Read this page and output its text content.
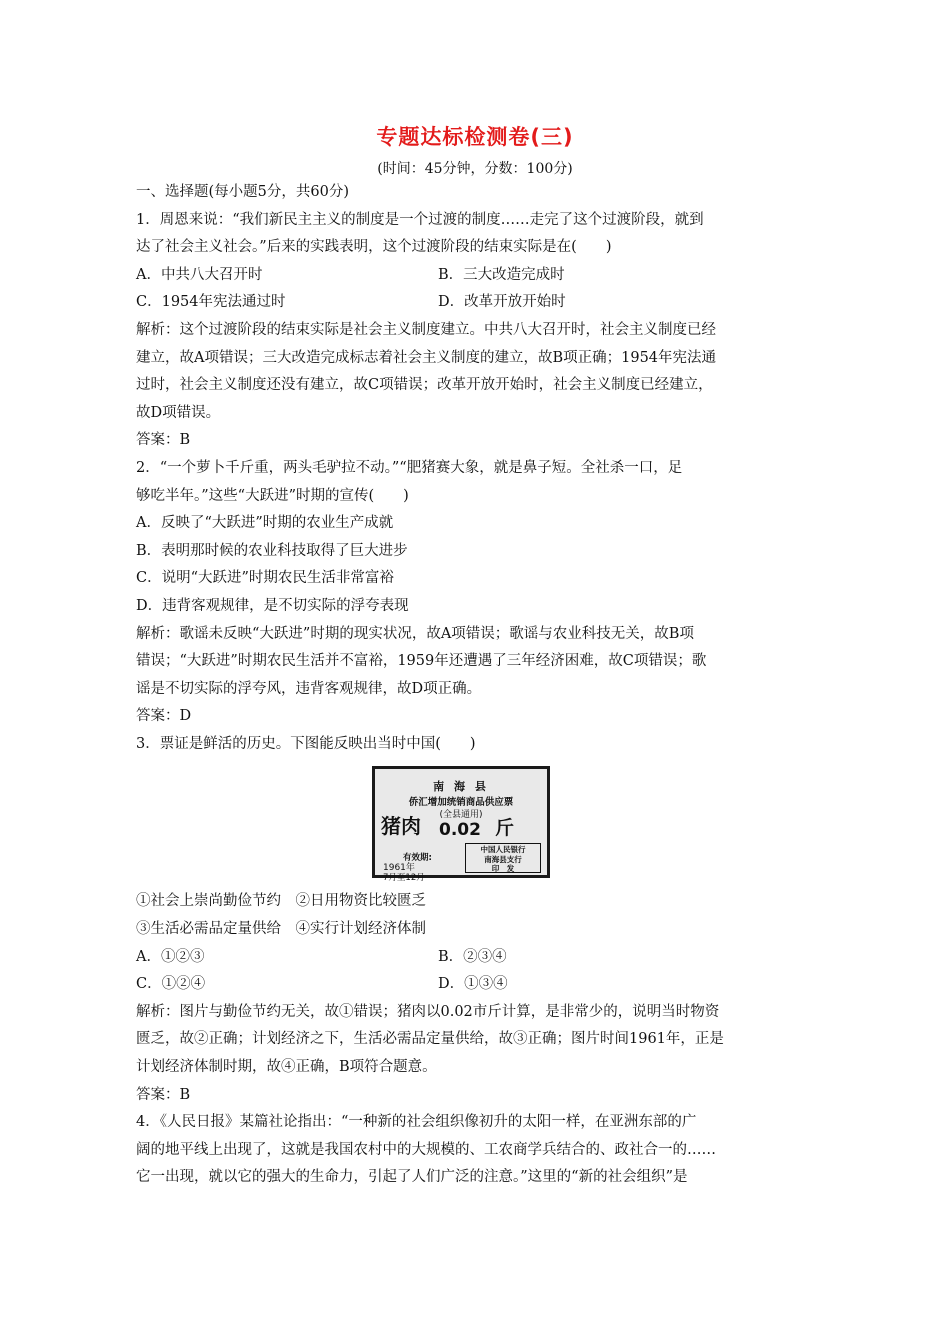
专题达标检测卷(三)
(时间：45分钟，分数：100分)
一、选择题(每小题5分，共60分)
1．周恩来说：“我们新民主主义的制度是一个过渡的制度……走完了这个过渡阶段，就到
达了社会主义社会。”后来的实践表明，这个过渡阶段的结束实际是在(　　)
A．中共八大召开时	B．三大改造完成时
C．1954年宪法通过时	D．改革开放开始时
解析：这个过渡阶段的结束实际是社会主义制度建立。中共八大召开时，社会主义制度已经
建立，故A项错误；三大改造完成标志着社会主义制度的建立，故B项正确；1954年宪法通
过时，社会主义制度还没有建立，故C项错误；改革开放开始时，社会主义制度已经建立，
故D项错误。
答案：B
2．“一个萝卜千斤重，两头毛驴拉不动。”“肥猪赛大象，就是鼻子短。全社杀一口，足
够吃半年。”这些“大跃进”时期的宣传(　　)
A．反映了“大跃进”时期的农业生产成就
B．表明那时候的农业科技取得了巨大进步
C．说明“大跃进”时期农民生活非常富裕
D．违背客观规律，是不切实际的浮夸表现
解析：歌谣未反映“大跃进”时期的现实状况，故A项错误；歌谣与农业科技无关，故B项
错误；“大跃进”时期农民生活并不富裕，1959年还遭遇了三年经济困难，故C项错误；歌
谣是不切实际的浮夸风，违背客观规律，故D项正确。
答案：D
3．票证是鲜活的历史。下图能反映出当时中国(　　)
南 海 县
侨汇增加统销商品供应票
(全县通用)
猪肉 0.02 斤
有效期:
1961年
7月至12月
中国人民银行
南海县支行
印　发
①社会上崇尚勤俭节约　②日用物资比较匮乏
③生活必需品定量供给　④实行计划经济体制
A．①②③	B．②③④
C．①②④	D．①③④
解析：图片与勤俭节约无关，故①错误；猪肉以0.02市斤计算，是非常少的，说明当时物资
匮乏，故②正确；计划经济之下，生活必需品定量供给，故③正确；图片时间1961年，正是
计划经济体制时期，故④正确，B项符合题意。
答案：B
4．《人民日报》某篇社论指出：“一种新的社会组织像初升的太阳一样，在亚洲东部的广
阔的地平线上出现了，这就是我国农村中的大规模的、工农商学兵结合的、政社合一的……
它一出现，就以它的强大的生命力，引起了人们广泛的注意。”这里的“新的社会组织”是
